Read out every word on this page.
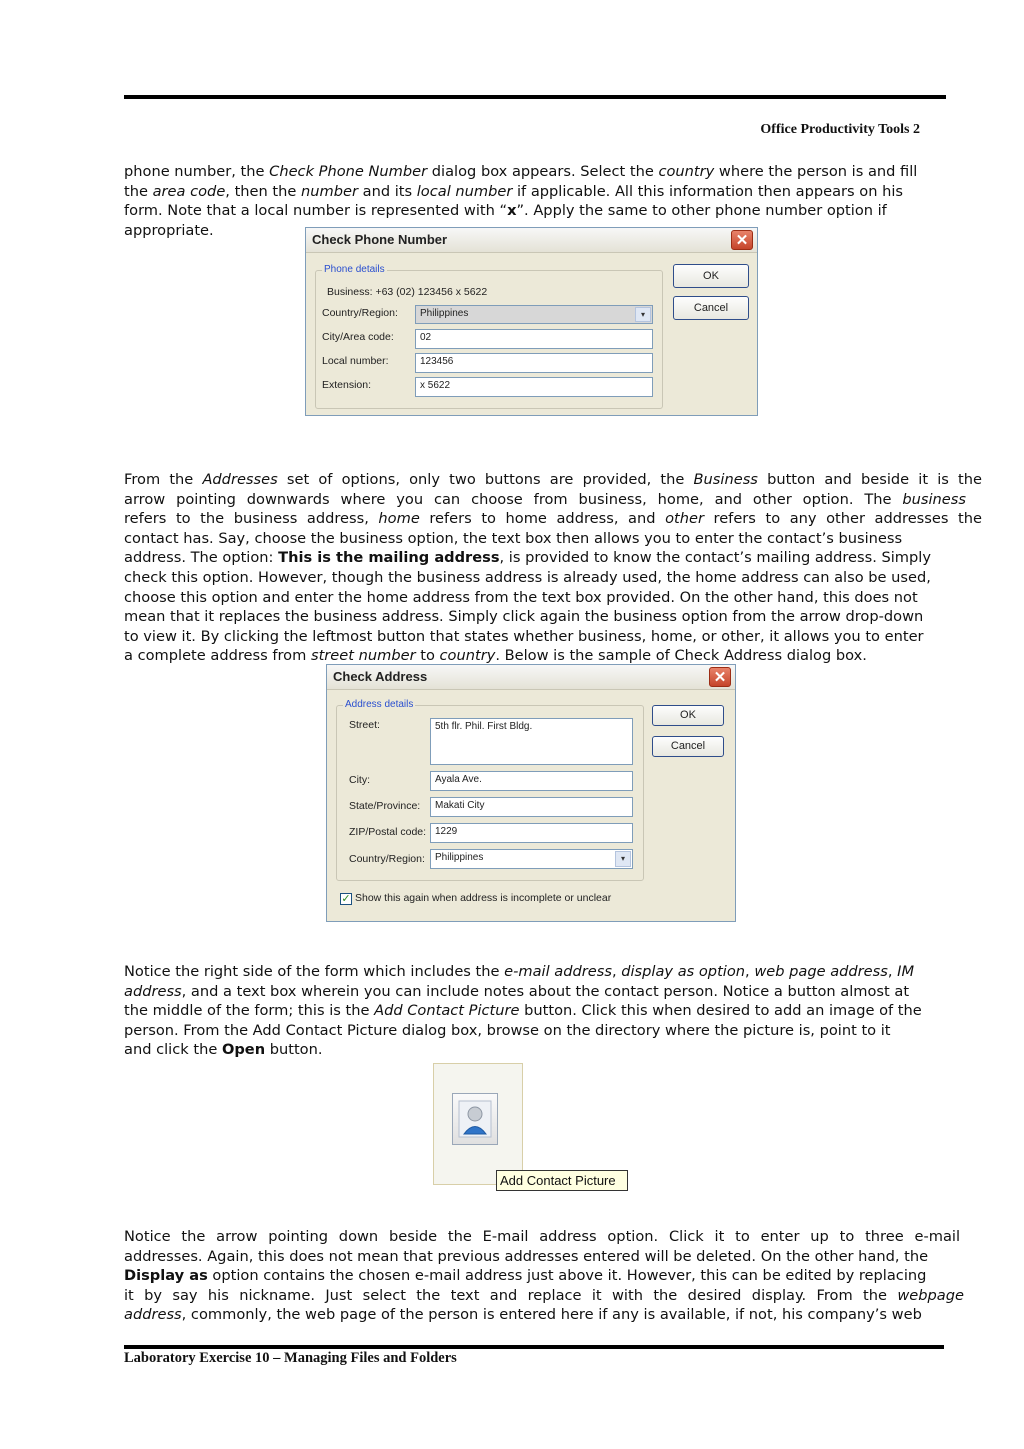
Office Productivity Tools 2

phone number, the Check Phone Number dialog box appears. Select the country where the person is and fill

the area code, then the number and its local number if applicable. All this information then appears on his

form. Note that a local number is represented with “x”. Apply the same to other phone number option if

appropriate.

Check Phone Number	✕
Phone details
Business: +63 (02) 123456 x 5622
Country/Region:	Philippines	▾
City/Area code:	02
Local number:	123456
Extension:	x 5622
OK
Cancel

From the Addresses set of options, only two buttons are provided, the Business button and beside it is the

arrow pointing downwards where you can choose from business, home, and other option. The business

refers to the business address, home refers to home address, and other refers to any other addresses the

contact has. Say, choose the business option, the text box then allows you to enter the contact’s business

address. The option: This is the mailing address, is provided to know the contact’s mailing address. Simply

check this option. However, though the business address is already used, the home address can also be used,

choose this option and enter the home address from the text box provided. On the other hand, this does not

mean that it replaces the business address. Simply click again the business option from the arrow drop-down

to view it. By clicking the leftmost button that states whether business, home, or other, it allows you to enter

a complete address from street number to country. Below is the sample of Check Address dialog box.

Check Address	✕
Address details
Street:	5th flr. Phil. First Bldg.
City:	Ayala Ave.
State/Province:	Makati City
ZIP/Postal code: 1229
Country/Region:	Philippines	▾
✓ Show this again when address is incomplete or unclear
OK
Cancel

Notice the right side of the form which includes the e-mail address, display as option, web page address, IM

address, and a text box wherein you can include notes about the contact person. Notice a button almost at

the middle of the form; this is the Add Contact Picture button. Click this when desired to add an image of the

person. From the Add Contact Picture dialog box, browse on the directory where the picture is, point to it

and click the Open button.

Add Contact Picture

Notice the arrow pointing down beside the E-mail address option. Click it to enter up to three e-mail

addresses. Again, this does not mean that previous addresses entered will be deleted. On the other hand, the

Display as option contains the chosen e-mail address just above it. However, this can be edited by replacing

it by say his nickname. Just select the text and replace it with the desired display. From the webpage

address, commonly, the web page of the person is entered here if any is available, if not, his company’s web

Laboratory Exercise 10 – Managing Files and Folders
